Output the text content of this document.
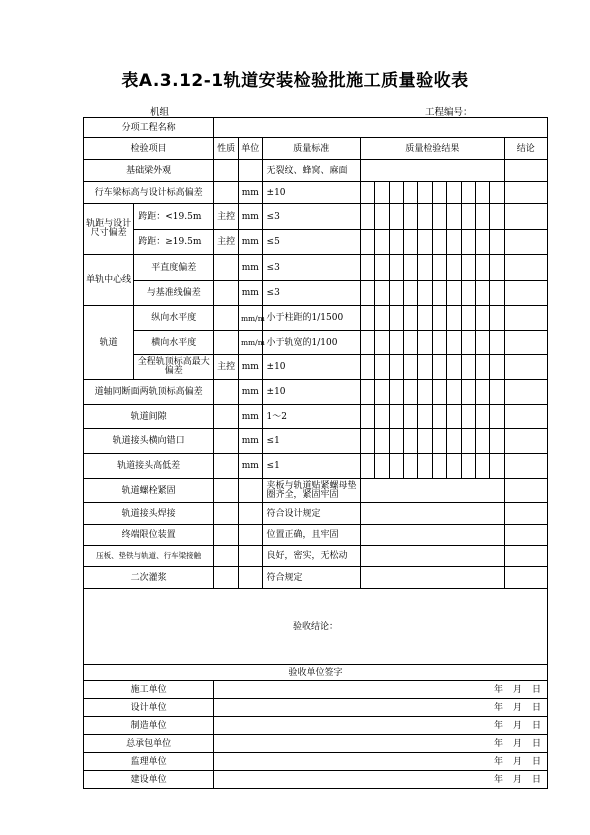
表A.3.12-1轨道安装检验批施工质量验收表
机组	工程编号：
分项工程名称															
检验项目		性质	单位	质量标准	质量检验结果										结论
基础梁外观				无裂纹、蜂窝、麻面											
行车梁标高与设计标高偏差			mm	±10											
轨距与设计尺寸偏差	跨距：<19.5m	主控	mm	≤3											
	跨距：≥19.5m	主控	mm	≤5											
单轨中心线	平直度偏差		mm	≤3											
	与基准线偏差		mm	≤3											
轨道	纵向水平度		mm/m	小于柱距的1/1500											
	横向水平度		mm/m	小于轨宽的1/100											
	全程轨顶标高最大偏差	主控	mm	±10											
道轴同断面两轨顶标高偏差			mm	±10											
轨道间隙			mm	1～2											
轨道接头横向错口			mm	≤1											
轨道接头高低差			mm	≤1											
轨道螺栓紧固				夹板与轨道贴紧螺母垫圈齐全，紧固牢固											
轨道接头焊接				符合设计规定											
终端限位装置				位置正确，且牢固											
压板、垫铁与轨道、行车梁接触				良好，密实，无松动											
二次灌浆				符合规定											
验收结论：															
验收单位签字															
施工单位		年 月 日													

设计单位		年 月 日													

制造单位		年 月 日													

总承包单位		年 月 日													

监理单位		年 月 日													

建设单位		年 月 日													
